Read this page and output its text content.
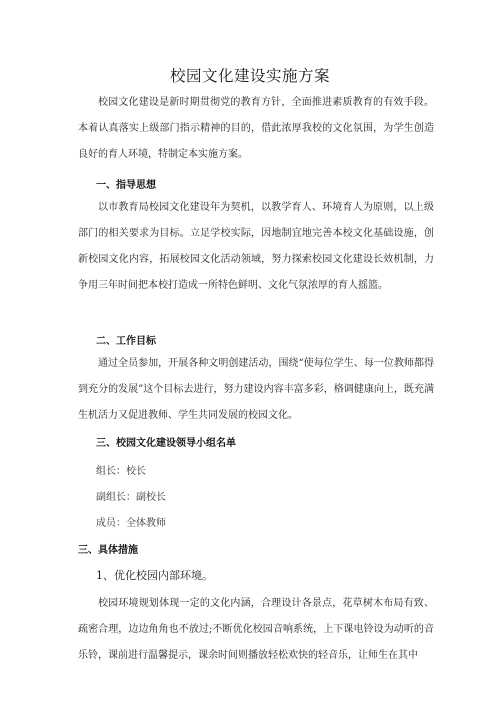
校园文化建设实施方案
校园文化建设是新时期贯彻党的教育方针，全面推进素质教育的有效手段。本着认真落实上级部门指示精神的目的，借此浓厚我校的文化氛围，为学生创造良好的育人环境，特制定本实施方案。
一、指导思想
以市教育局校园文化建设年为契机，以教学育人、环境育人为原则，以上级部门的相关要求为目标。立足学校实际，因地制宜地完善本校文化基础设施，创新校园文化内容，拓展校园文化活动领域，努力探索校园文化建设长效机制，力争用三年时间把本校打造成一所特色鲜明、文化气氛浓厚的育人摇篮。
二、工作目标
通过全员参加，开展各种文明创建活动，围绕“使每位学生、每一位教师都得到充分的发展”这个目标去进行，努力建设内容丰富多彩，格调健康向上，既充满生机活力又促进教师、学生共同发展的校园文化。
三、校园文化建设领导小组名单
组长：校长
副组长：副校长
成员：全体教师
三、具体措施
1、优化校园内部环境。
校园环境规划体现一定的文化内涵，合理设计各景点，花草树木布局有致、疏密合理，边边角角也不放过;不断优化校园音响系统，上下课电铃设为动听的音乐铃，课前进行温馨提示，课余时间则播放轻松欢快的轻音乐，让师生在其中
